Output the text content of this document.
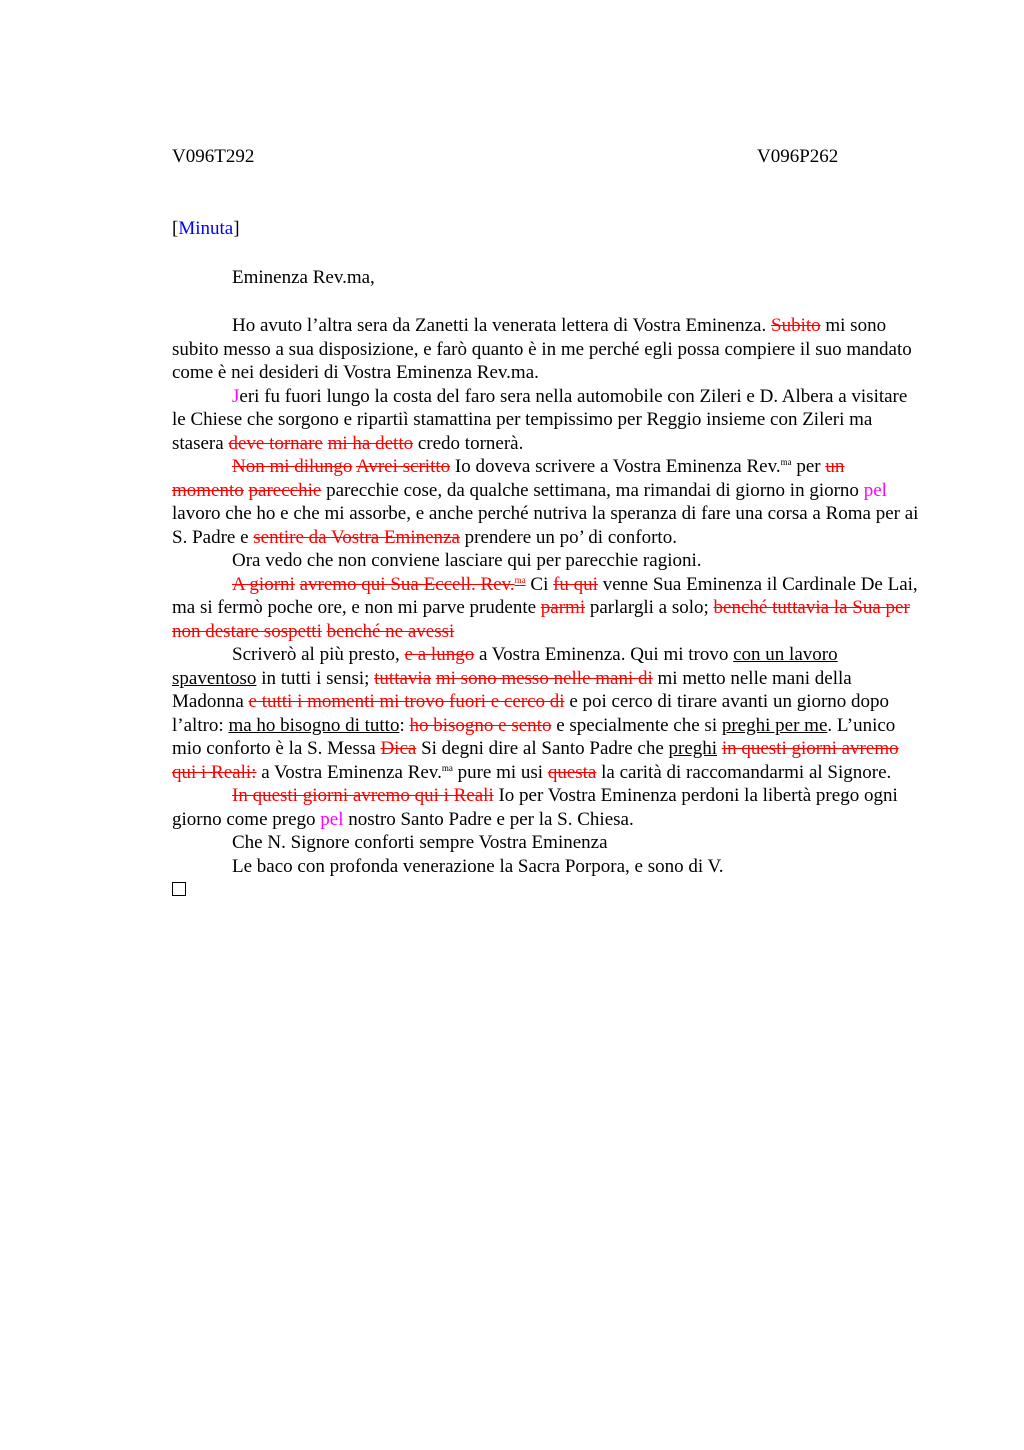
V096T292	V096P262
[Minuta]
Eminenza Rev.ma,

Ho avuto l’altra sera da Zanetti la venerata lettera di Vostra Eminenza. Subito mi sono subito messo a sua disposizione, e farò quanto è in me perché egli possa compiere il suo mandato come è nei desideri di Vostra Eminenza Rev.ma.

Jeri fu fuori lungo la costa del faro sera nella automobile con Zileri e D. Albera a visitare le Chiese che sorgono e ripartiì stamattina per tempissimo per Reggio insieme con Zileri ma stasera deve tornare mi ha detto credo tornerà.

Non mi dilungo Avrei scritto Io doveva scrivere a Vostra Eminenza Rev.$^{ma}$ per un momento parecchie parecchie cose, da qualche settimana, ma rimandai di giorno in giorno pel lavoro che ho e che mi assorbe, e anche perché nutriva la speranza di fare una corsa a Roma per ai S. Padre e sentire da Vostra Eminenza prendere un po’ di conforto.

Ora vedo che non conviene lasciare qui per parecchie ragioni.

A giorni avremo qui Sua Eccell. Rev.$^{ma}$ Ci fu qui venne Sua Eminenza il Cardinale De Lai, ma si fermò poche ore, e non mi parve prudente parmi parlargli a solo; benché tuttavia la Sua per non destare sospetti benché ne avessi

Scriverò al più presto, e a lungo a Vostra Eminenza. Qui mi trovo con un lavoro spaventoso in tutti i sensi; tuttavia mi sono messo nelle mani di mi metto nelle mani della Madonna e tutti i momenti mi trovo fuori e cerco di e poi cerco di tirare avanti un giorno dopo l’altro: ma ho bisogno di tutto: ho bisogno e sento e specialmente che si preghi per me. L’unico mio conforto è la S. Messa Dica Si degni dire al Santo Padre che preghi in questi giorni avremo qui i Reali: a Vostra Eminenza Rev.$^{ma}$ pure mi usi questa la carità di raccomandarmi al Signore.

In questi giorni avremo qui i Reali Io per Vostra Eminenza perdoni la libertà prego ogni giorno come prego pel nostro Santo Padre e per la S. Chiesa.

Che N. Signore conforti sempre Vostra Eminenza

Le baco con profonda venerazione la Sacra Porpora, e sono di V.
